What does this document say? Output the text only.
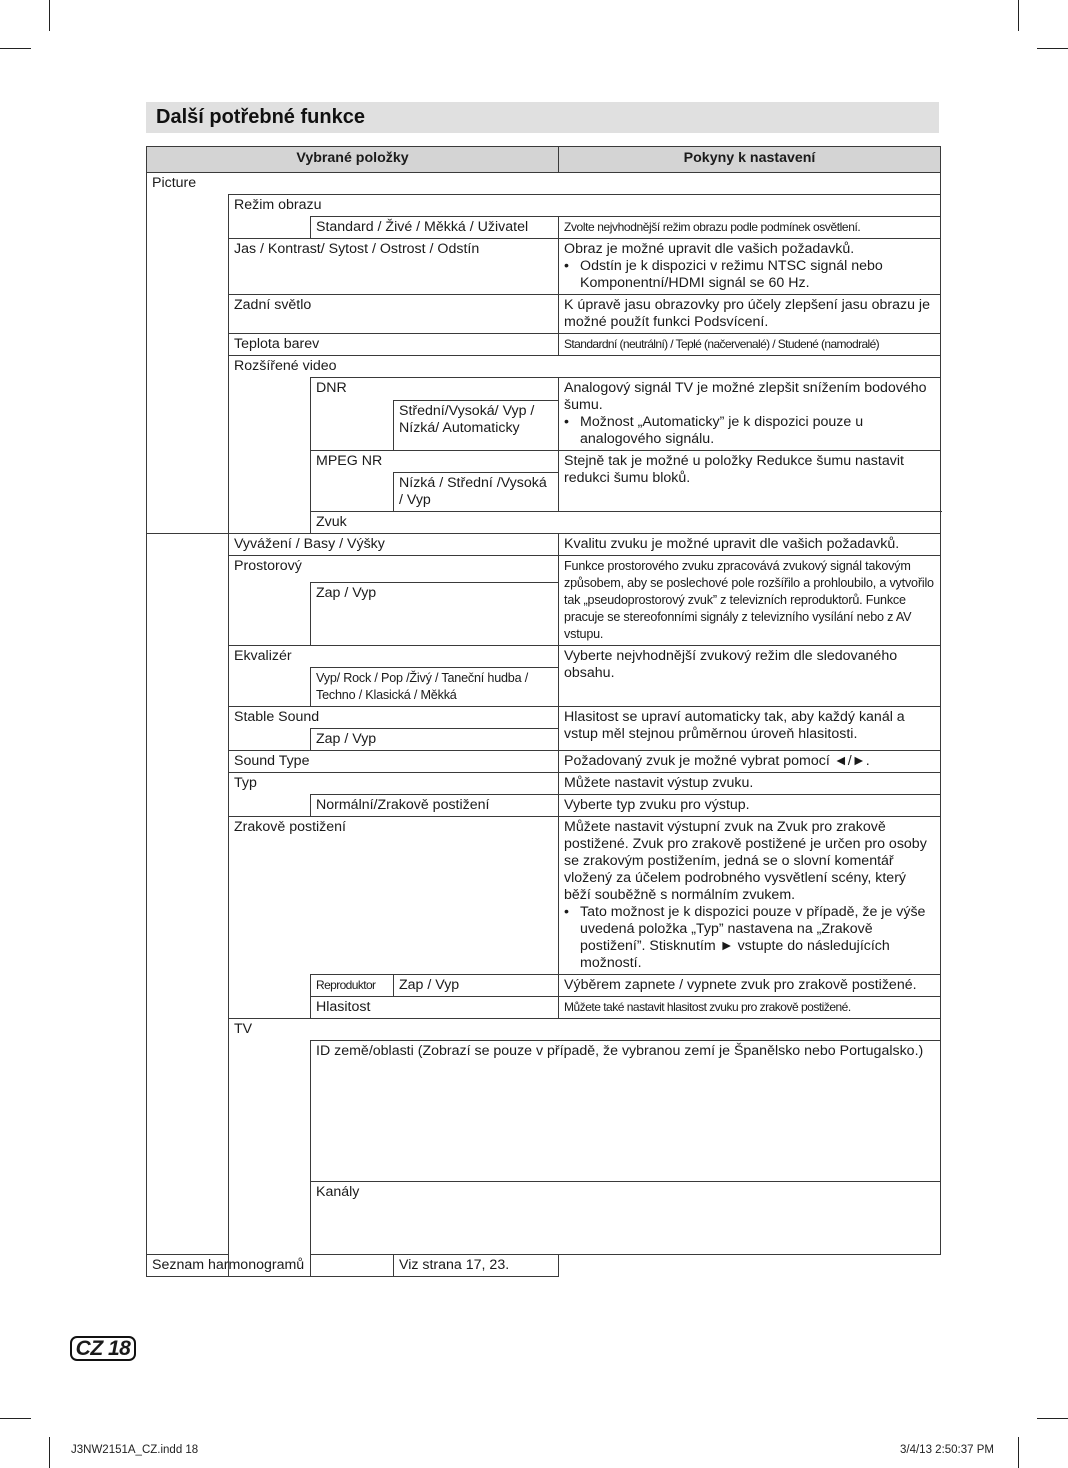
Další potřebné funkce
Vybrané položky				Pokyny k nastavení	
Picture					
	Režim obrazu				
		Standard / Živé / Měkká / Uživatel		Zvolte nejvhodnější režim obrazu podle podmínek osvětlení.	
	Jas / Kontrast/ Sytost / Ostrost / Odstín			Obraz je možné upravit dle vašich požadavků.
• Odstín je k dispozici v režimu NTSC signál nebo Komponentní/HDMI signál se 60 Hz.

	Zadní světlo			K úpravě jasu obrazovky pro účely zlepšení jasu obrazu je možné použít funkci Podsvícení.	
	Teplota barev			Standardní (neutrální) / Teplé (načervenalé) / Studené (namodralé)	
	Rozšířené video				
		DNR		Analogový signál TV je možné zlepšit snížením bodového šumu.
• Možnost „Automaticky” je k dispozici pouze u analogového signálu.

			Střední/Vysoká/ Vyp / Nízká/ Automaticky		
		MPEG NR		Stejně tak je možné u položky Redukce šumu nastavit redukci šumu bloků.	
			Nízká / Střední /Vysoká / Vyp		
		Zvuk			
	Vyvážení / Basy / Výšky			Kvalitu zvuku je možné upravit dle vašich požadavků.	
	Prostorový			Funkce prostorového zvuku zpracovává zvukový signál takovým způsobem, aby se poslechové pole rozšířilo a prohloubilo, a vytvořilo tak „pseudoprostorový zvuk” z televizních reproduktorů. Funkce pracuje se stereofonními signály z televizního vysílání nebo z AV vstupu.	
		Zap / Vyp			
	Ekvalizér			Vyberte nejvhodnější zvukový režim dle sledovaného obsahu.	
		Vyp/ Rock / Pop /Živý / Taneční hudba / Techno / Klasická / Měkká			
	Stable Sound			Hlasitost se upraví automaticky tak, aby každý kanál a vstup měl stejnou průměrnou úroveň hlasitosti.	
		Zap / Vyp			
	Sound Type			Požadovaný zvuk je možné vybrat pomocí ◄/►.	
	Typ			Můžete nastavit výstup zvuku.	
		Normální/Zrakově postižení		Vyberte typ zvuku pro výstup.	
	Zrakově postižení			Můžete nastavit výstupní zvuk na Zvuk pro zrakově postižené. Zvuk pro zrakově postižené je určen pro osoby se zrakovým postižením, jedná se o slovní komentář vložený za účelem podrobného vysvětlení scény, který běží souběžně s normálním zvukem.
• Tato možnost je k dispozici pouze v případě, že je výše uvedená položka „Typ” nastavena na „Zrakově postižení”. Stisknutím ► vstupte do následujících možností.

		Reproduktor	Zap / Vyp	Výběrem zapnete / vypnete zvuk pro zrakově postižené.	
		Hlasitost		Můžete také nastavit hlasitost zvuku pro zrakově postižené.	
	TV				
		ID země/oblasti (Zobrazí se pouze v případě, že vybranou zemí je Španělsko nebo Portugalsko.)	
		Kanály	
Seznam harmonogramů			Viz strana 17, 23.		
CZ 18
J3NW2151A_CZ.indd 18	3/4/13 2:50:37 PM
